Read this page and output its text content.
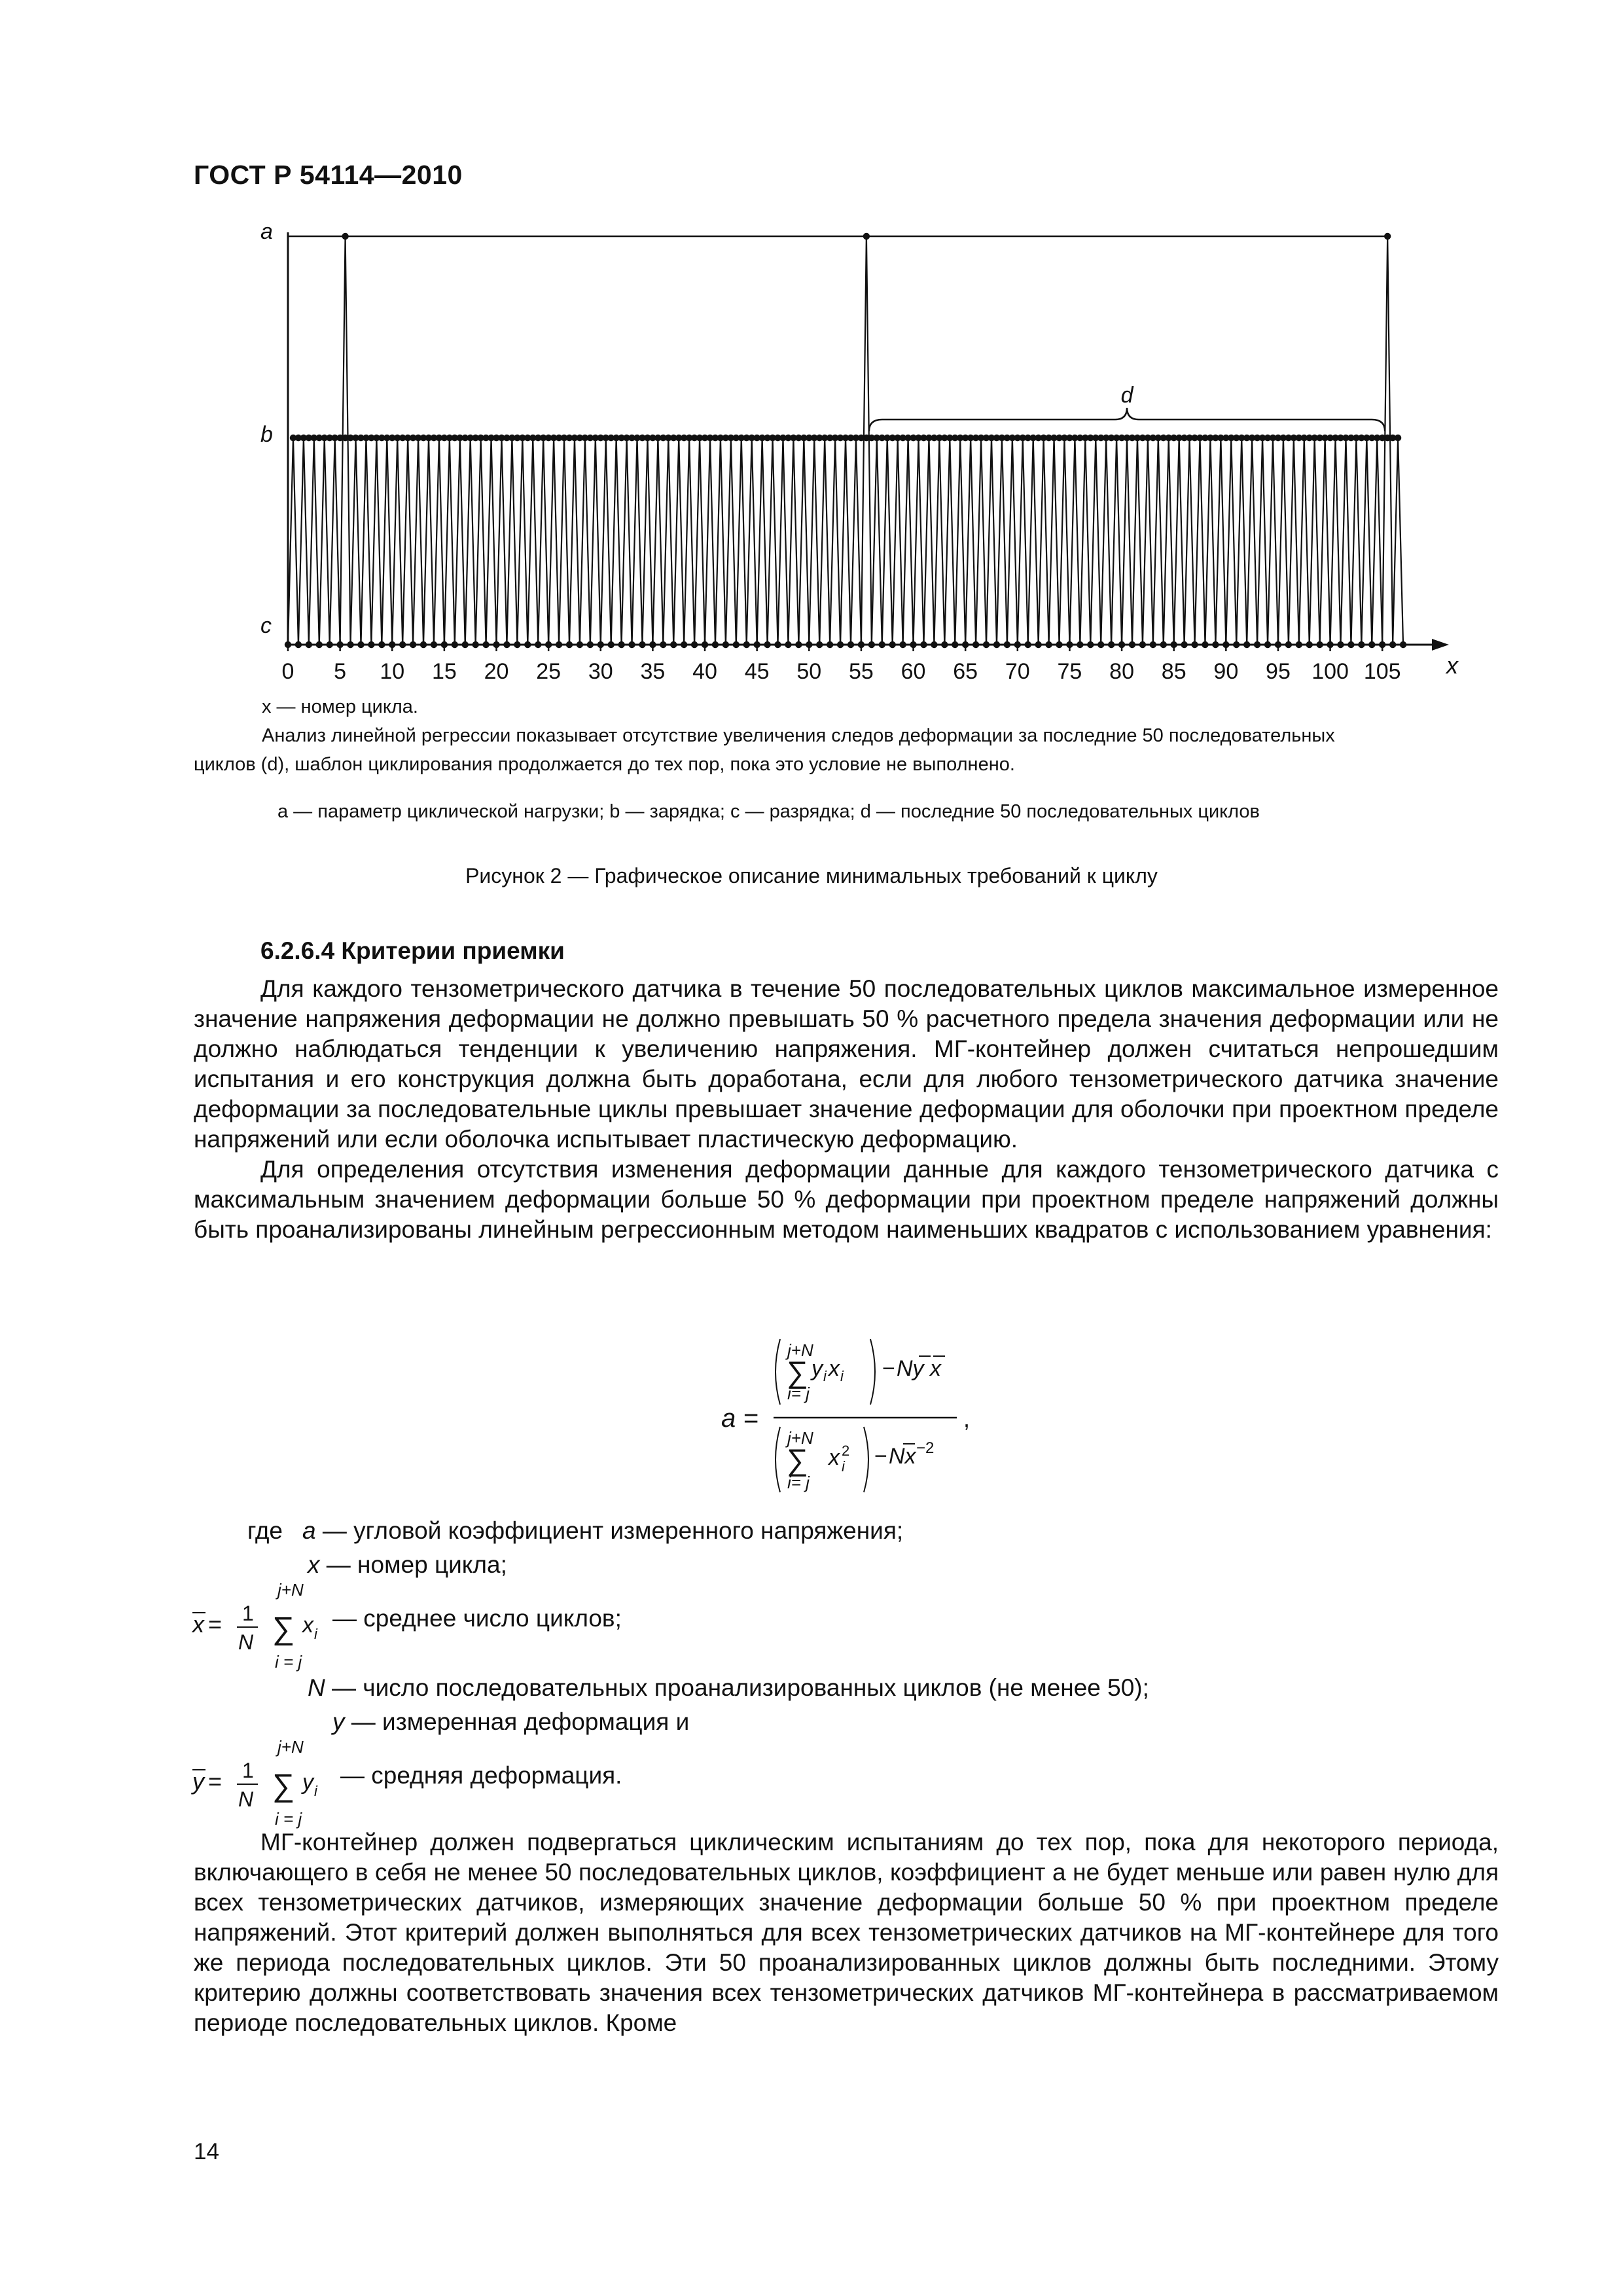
ГОСТ Р 54114—2010
0 5 10 15 20 25 30 35 40 45 50 55 60 65 70 75 80 85 90 95 100 105
a
b
c
x
d
x — номер цикла.
Анализ линейной регрессии показывает отсутствие увеличения следов деформации за последние 50 последовательных
циклов (d), шаблон циклирования продолжается до тех пор, пока это условие не выполнено.
a — параметр циклической нагрузки; b — зарядка; c — разрядка; d — последние 50 последовательных циклов
Рисунок 2 — Графическое описание минимальных требований к циклу
6.2.6.4 Критерии приемки

Для каждого тензометрического датчика в течение 50 последовательных циклов максимальное измеренное значение напряжения деформации не должно превышать 50 % расчетного предела значения деформации или не должно наблюдаться тенденции к увеличению напряжения. МГ-контейнер должен считаться непрошедшим испытания и его конструкция должна быть доработана, если для любого тензометрического датчика значение деформации за последовательные циклы превышает значение деформации для оболочки при проектном пределе напряжений или если оболочка испытывает пластическую деформацию.

Для определения отсутствия изменения деформации данные для каждого тензометрического датчика с максимальным значением деформации больше 50 % деформации при проектном пределе напряжений должны быть проанализированы линейным регрессионным методом наименьших квадратов с использованием уравнения:

a =
j+N
∑ y i x i
i= j
− Ny x
,
j+N
∑ x 2
i
i= j
− Nx −2
где a — угловой коэффициент измеренного напряжения;
x — номер цикла;
x = 1
N
j+N
∑ x i
i = j
— среднее число циклов;
N — число последовательных проанализированных циклов (не менее 50);
y — измеренная деформация и
y = 1
N
j+N
∑ y i
i = j
— средняя деформация.

МГ-контейнер должен подвергаться циклическим испытаниям до тех пор, пока для некоторого периода, включающего в себя не менее 50 последовательных циклов, коэффициент a не будет меньше или равен нулю для всех тензометрических датчиков, измеряющих значение деформации больше 50 % при проектном пределе напряжений. Этот критерий должен выполняться для всех тензометрических датчиков на МГ-контейнере для того же периода последовательных циклов. Эти 50 проанализированных циклов должны быть последними. Этому критерию должны соответствовать значения всех тензометрических датчиков МГ-контейнера в рассматриваемом периоде последовательных циклов. Кроме

14
